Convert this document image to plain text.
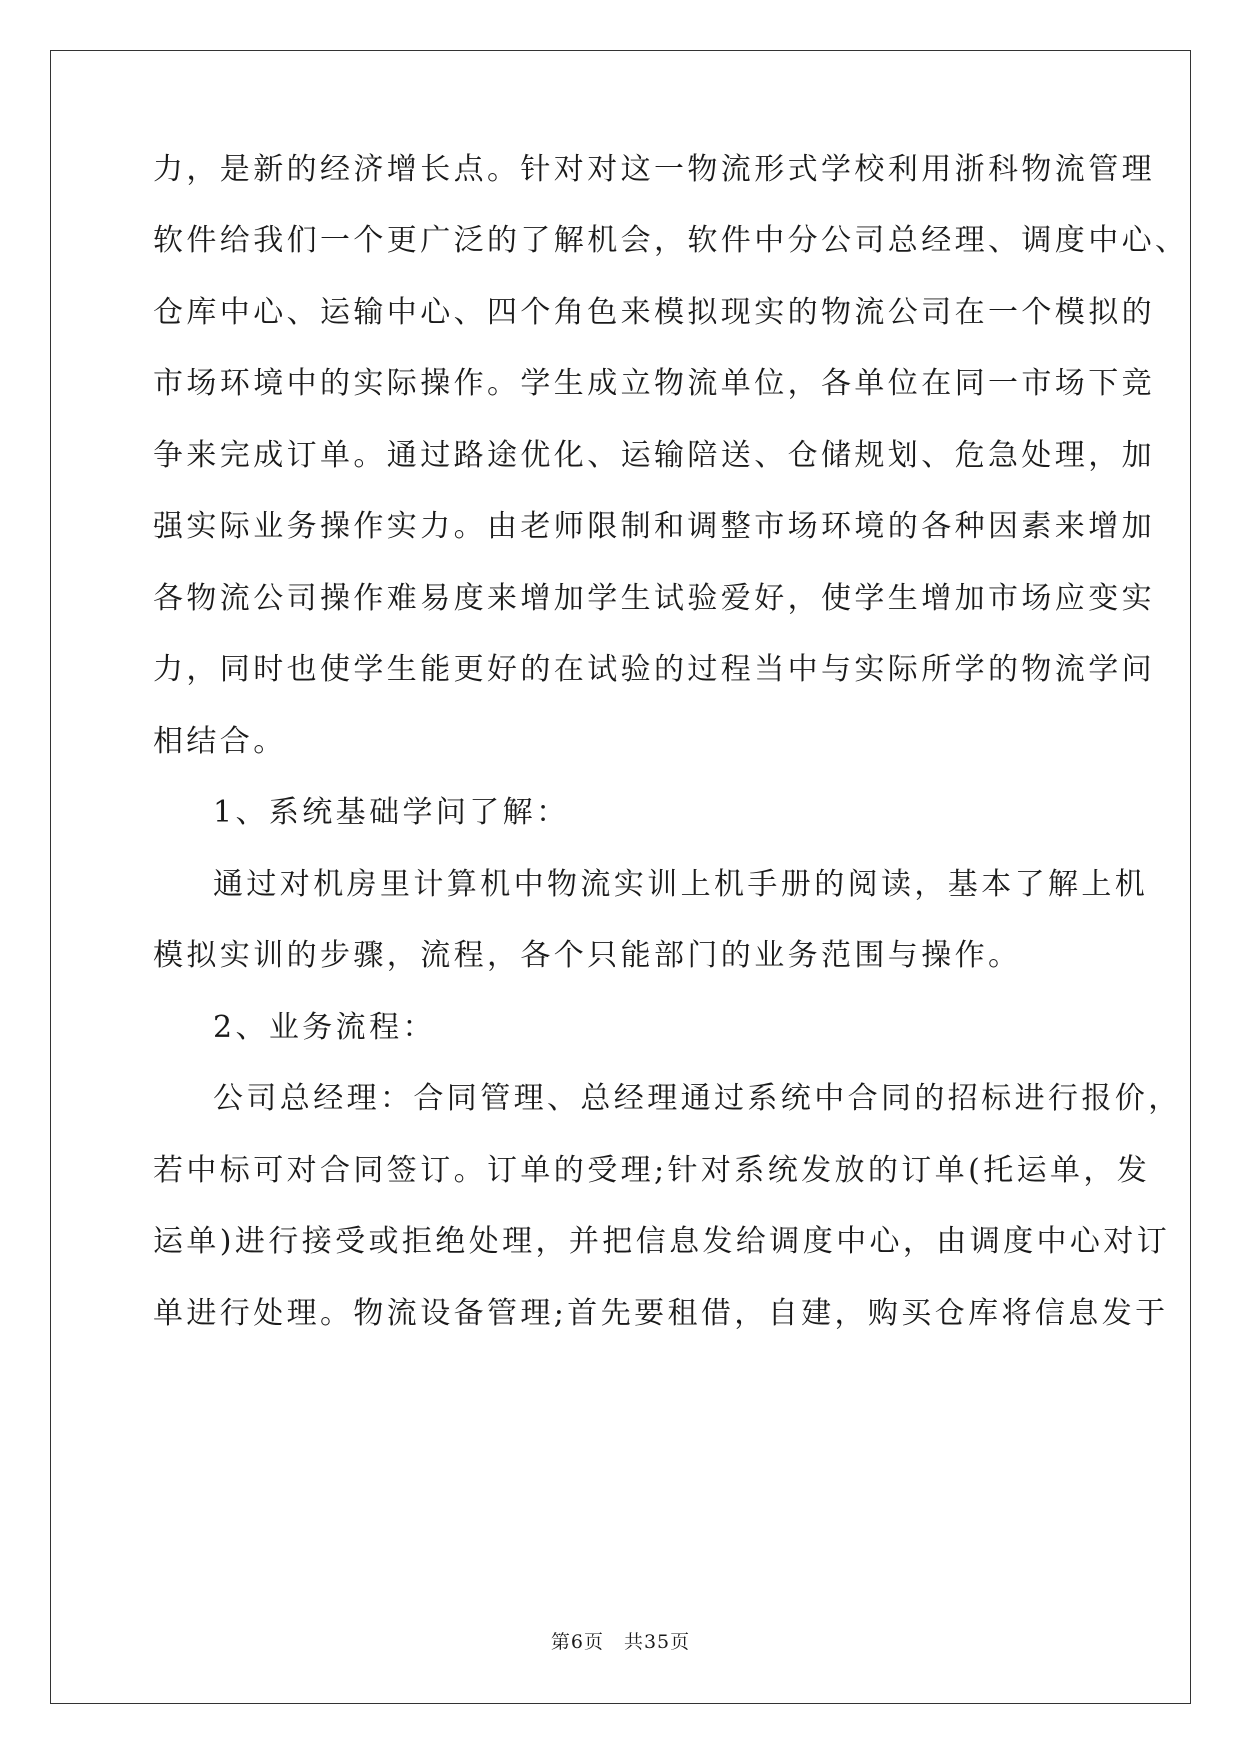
力，是新的经济增长点。针对对这一物流形式学校利用浙科物流管理
软件给我们一个更广泛的了解机会，软件中分公司总经理、调度中心、
仓库中心、运输中心、四个角色来模拟现实的物流公司在一个模拟的
市场环境中的实际操作。学生成立物流单位，各单位在同一市场下竞
争来完成订单。通过路途优化、运输陪送、仓储规划、危急处理，加
强实际业务操作实力。由老师限制和调整市场环境的各种因素来增加
各物流公司操作难易度来增加学生试验爱好，使学生增加市场应变实
力，同时也使学生能更好的在试验的过程当中与实际所学的物流学问
相结合。
1、系统基础学问了解：
通过对机房里计算机中物流实训上机手册的阅读，基本了解上机
模拟实训的步骤，流程，各个只能部门的业务范围与操作。
2、业务流程：
公司总经理：合同管理、总经理通过系统中合同的招标进行报价，
若中标可对合同签订。订单的受理;针对系统发放的订单(托运单，发
运单)进行接受或拒绝处理，并把信息发给调度中心，由调度中心对订
单进行处理。物流设备管理;首先要租借，自建，购买仓库将信息发于
第6页　共35页
